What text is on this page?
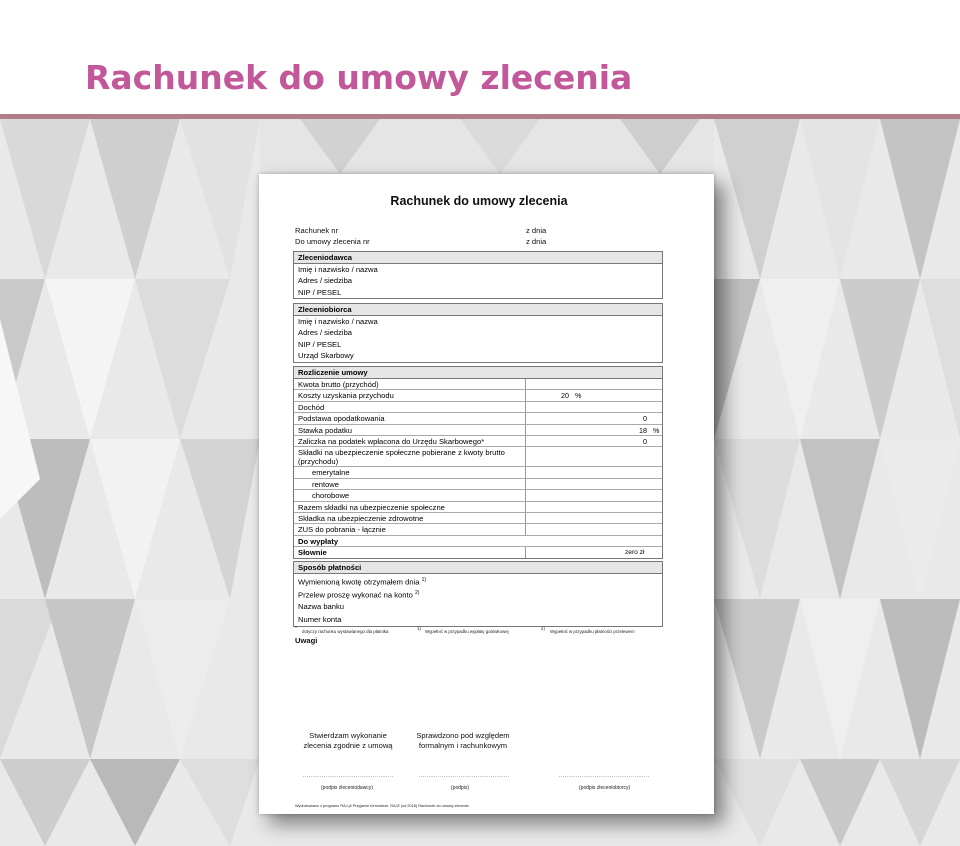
Rachunek do umowy zlecenia
Rachunek do umowy zlecenia
Rachunek nr	z dnia
Do umowy zlecenia nr	z dnia
Zleceniodawca
Imię i nazwisko / nazwa
Adres / siedziba
NIP / PESEL
Zleceniobiorca
Imię i nazwisko / nazwa
Adres / siedziba
NIP / PESEL
Urząd Skarbowy
Rozliczenie umowy
Kwota brutto (przychód)
Koszty uzyskania przychodu	20 %
Dochód
Podstawa opodatkowania	0
Stawka podatku	18 %
Zaliczka na podatek wpłacona do Urzędu Skarbowego*	0
Składki na ubezpieczenie społeczne pobierane z kwoty brutto
(przychodu)
emerytalne
rentowe
chorobowe
Razem składki na ubezpieczenie społeczne
Składka na ubezpieczenie zdrowotne
ZUS do pobrania - łącznie
Do wypłaty
Słownie	zero zł
Sposób płatności
Wymienioną kwotę otrzymałem dnia $^{1)}$
Przelew proszę wykonać na konto $^{2)}$
Nazwa banku
Numer konta
* dotyczy rachunku wystawianego dla płatnika
1)
Wypełnić w przypadku wypłaty gotówkowej
2)
Wypełnić w przypadku płatności przelewem
Uwagi
Stwierdzam wykonanie
zlecenia zgodnie z umową
Sprawdzono pod względem
formalnym i rachunkowym
................................................	................................................	................................................
(podpis zleceniodawcy)	(podpis)	(podpis zleceniobiorcy)
Wydrukowano z programu RAJ.pl Przyjazne formularze. RAJZ (od 2018) Rachunek do umowy zlecenia
